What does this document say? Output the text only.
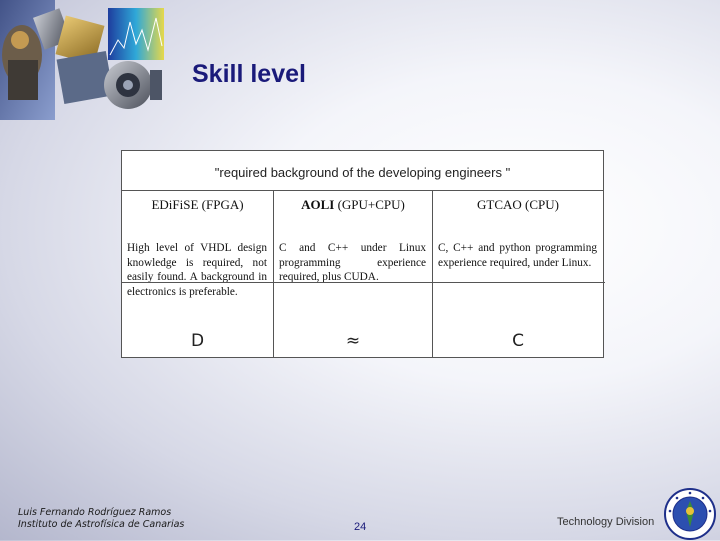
Skill level
"required background of the developing engineers "
EDiFiSE (FPGA)
High level of VHDL design knowledge is required, not easily found. A background in electronics is preferable.
D
AOLI (GPU+CPU)
C and C++ under Linux programming experience required, plus CUDA.
≈
GTCAO (CPU)
C, C++ and python programming experience required, under Linux.
C
Luis Fernando Rodríguez Ramos
Instituto de Astrofísica de Canarias	24	Technology Division
